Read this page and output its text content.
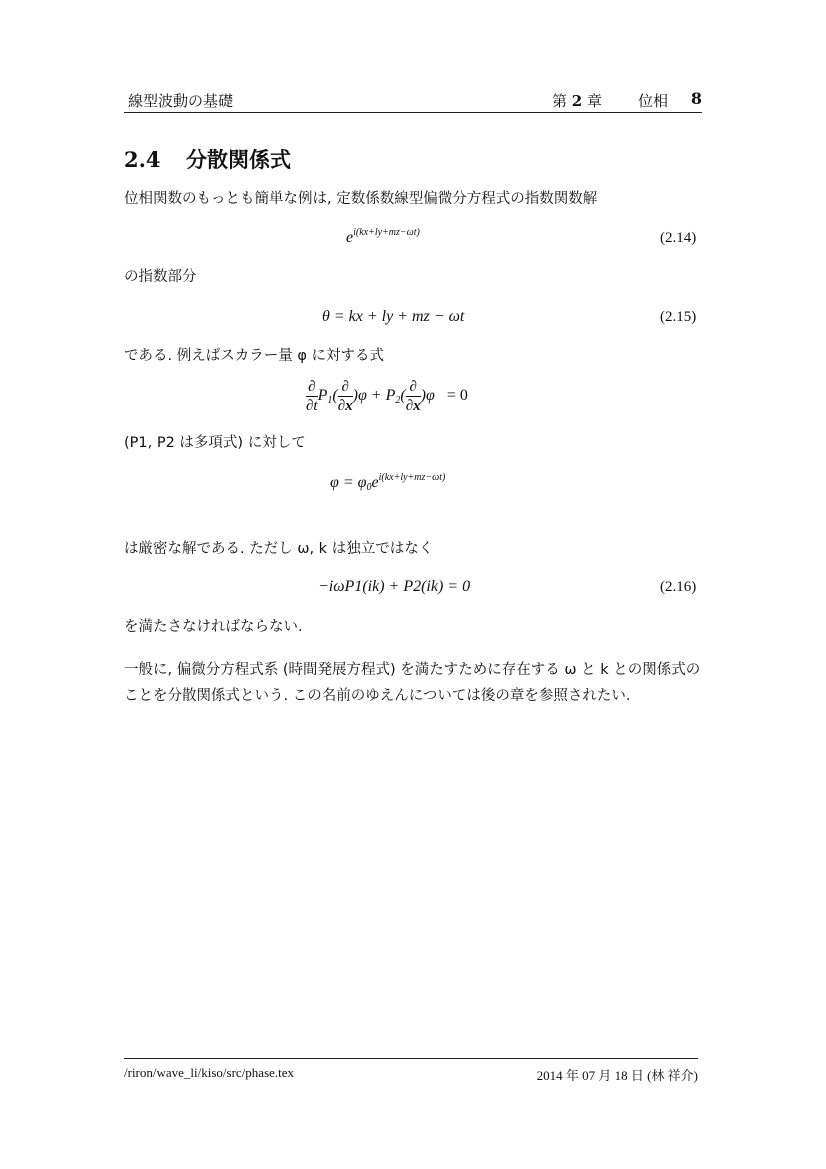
線型波動の基礎	第 2 章 位相 8
2.4 分散関係式
位相関数のもっとも簡単な例は, 定数係数線型偏微分方程式の指数関数解
$e^{i(kx+ly+mz-\omega t)}$	(2.14)
の指数部分
θ = kx + ly + mz − ωt	(2.15)
である. 例えばスカラー量 φ に対する式
$\frac{\partial}{\partial t} P_1( \frac{\partial}{\partial x} )\varphi + P_2( \frac{\partial}{\partial x} )\varphi = 0$
(P1, P2 は多項式) に対して
$\varphi = \varphi_0e^{i(kx+ly+mz-\omega t)}$
は厳密な解である. ただし ω, k は独立ではなく
−iωP1(ik) + P2(ik) = 0	(2.16)
を満たさなければならない.
一般に, 偏微分方程式系 (時間発展方程式) を満たすために存在する ω と k との関係式のことを分散関係式という. この名前のゆえんについては後の章を参照されたい.
/riron/wave_li/kiso/src/phase.tex	2014 年 07 月 18 日 (林 祥介)
